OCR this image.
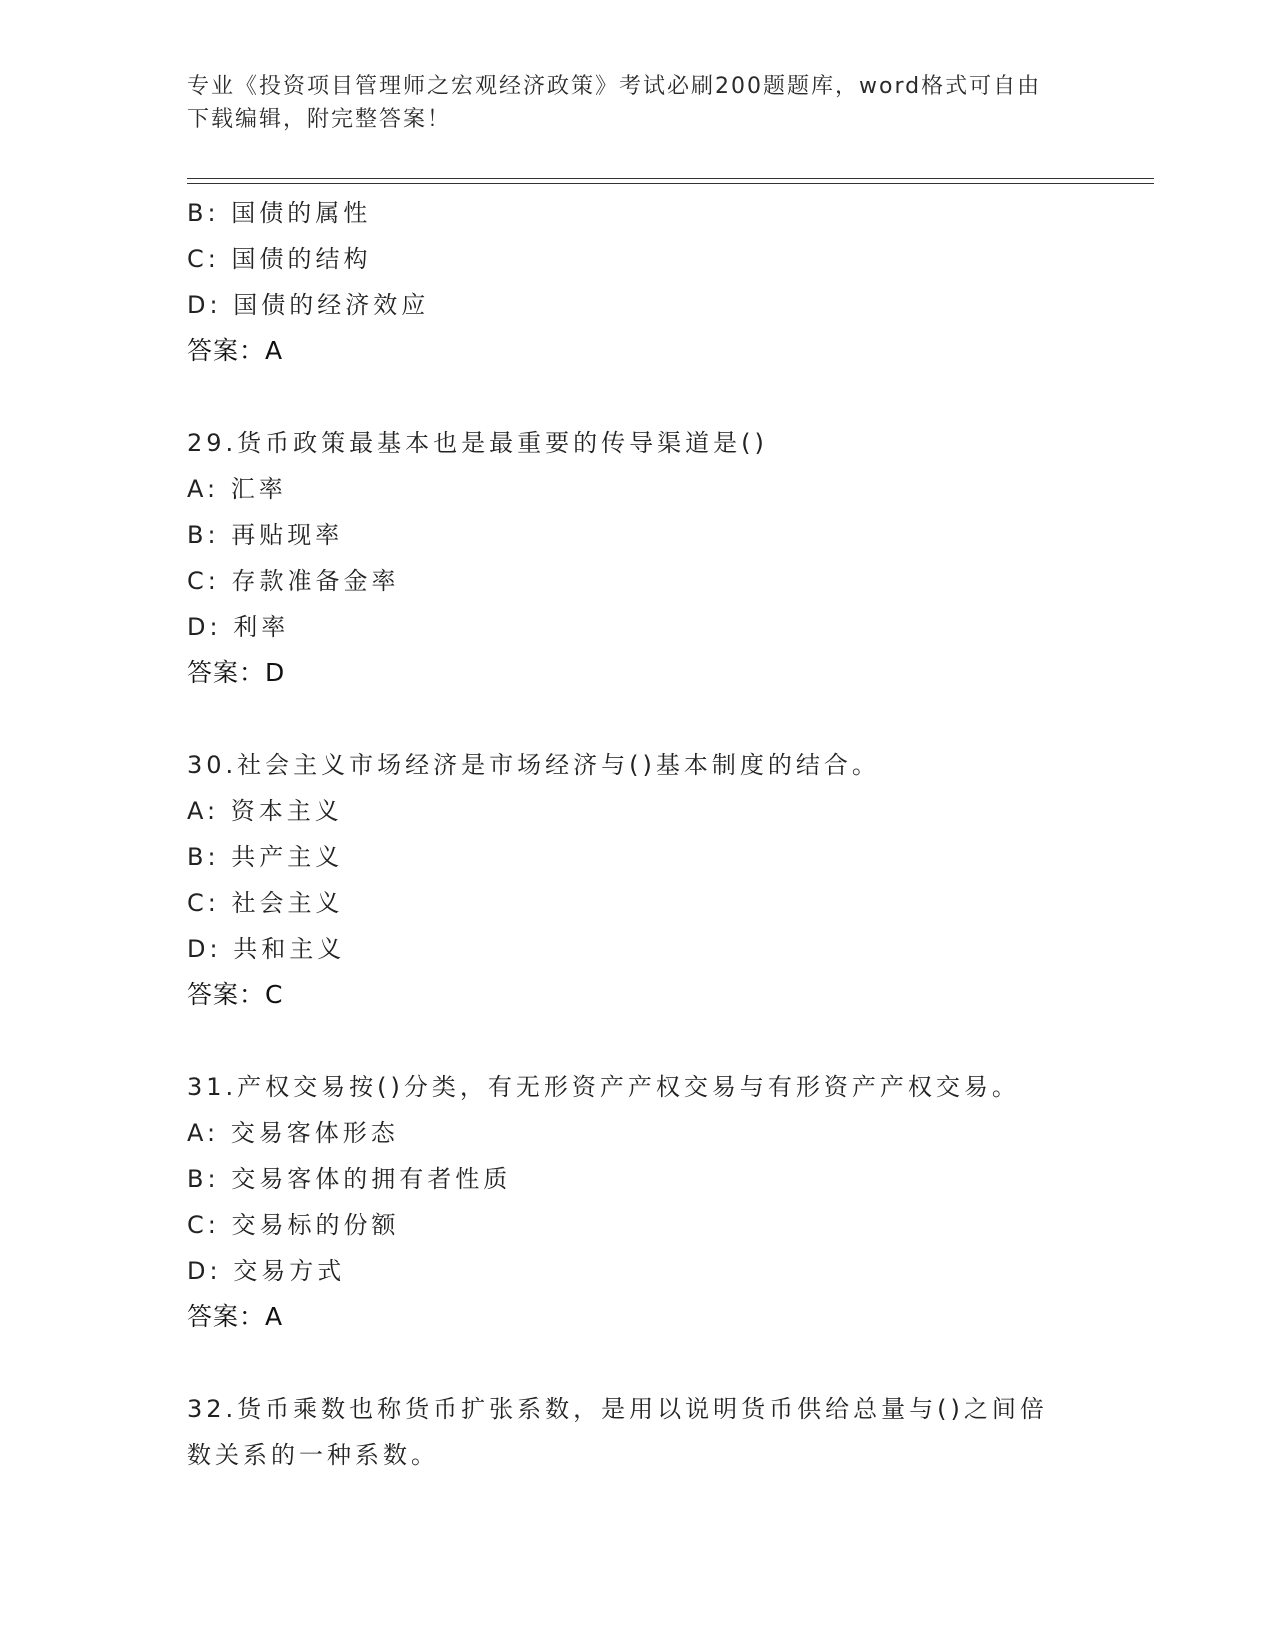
专业《投资项目管理师之宏观经济政策》考试必刷200题题库，word格式可自由
下载编辑，附完整答案！
B: 国债的属性
C: 国债的结构
D: 国债的经济效应
答案：A
29.货币政策最基本也是最重要的传导渠道是()
A: 汇率
B: 再贴现率
C: 存款准备金率
D: 利率
答案：D
30.社会主义市场经济是市场经济与()基本制度的结合。
A: 资本主义
B: 共产主义
C: 社会主义
D: 共和主义
答案：C
31.产权交易按()分类，有无形资产产权交易与有形资产产权交易。
A: 交易客体形态
B: 交易客体的拥有者性质
C: 交易标的份额
D: 交易方式
答案：A
32.货币乘数也称货币扩张系数，是用以说明货币供给总量与()之间倍
数关系的一种系数。
